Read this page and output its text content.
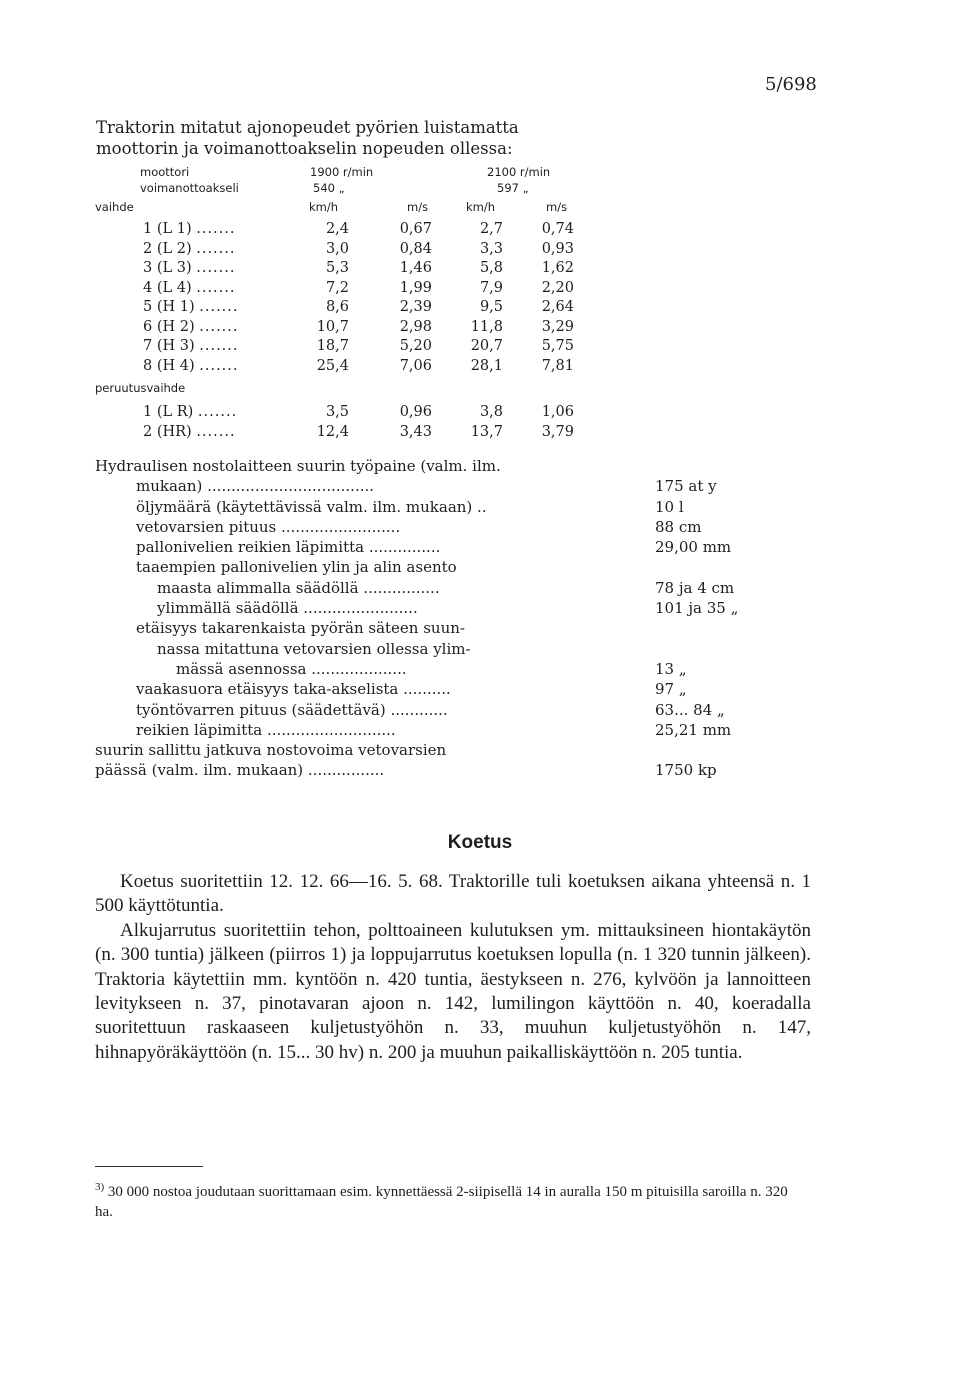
5/698
Traktorin mitatut ajonopeudet pyörien luistamatta
moottorin ja voimanottoakselin nopeuden ollessa:
moottori	1900 r/min	2100 r/min
voimanottoakseli	540 „	597 „
vaihde	km/h	m/s	km/h	m/s
1 (L 1) .......	2,4	0,67	2,7	0,74
2 (L 2) .......	3,0	0,84	3,3	0,93
3 (L 3) .......	5,3	1,46	5,8	1,62
4 (L 4) .......	7,2	1,99	7,9	2,20
5 (H 1) .......	8,6	2,39	9,5	2,64
6 (H 2) .......	10,7	2,98	11,8	3,29
7 (H 3) .......	18,7	5,20	20,7	5,75
8 (H 4) .......	25,4	7,06	28,1	7,81
peruutusvaihde
1 (L R) .......	3,5	0,96	3,8	1,06
2 (HR) .......	12,4	3,43	13,7	3,79
Hydraulisen nostolaitteen suurin työpaine (valm. ilm.
mukaan) ...................................	175 at y
öljymäärä (käytettävissä valm. ilm. mukaan) ..	10 l
vetovarsien pituus .........................	88 cm
pallonivelien reikien läpimitta ...............	29,00 mm
taaempien pallonivelien ylin ja alin asento
maasta alimmalla säädöllä ................	78 ja 4 cm
ylimmällä säädöllä ........................	101 ja 35 „
etäisyys takarenkaista pyörän säteen suun-
nassa mitattuna vetovarsien ollessa ylim-
mässä asennossa ....................	13 „
vaakasuora etäisyys taka-akselista ..........	97 „
työntövarren pituus (säädettävä) ............	63... 84 „
reikien läpimitta ...........................	25,21 mm
suurin sallittu jatkuva nostovoima vetovarsien
päässä (valm. ilm. mukaan) ................	1750 kp
Koetus

Koetus suoritettiin 12. 12. 66—16. 5. 68. Traktorille tuli koetuksen aikana yhteensä n. 1 500 käyttötuntia.

Alkujarrutus suoritettiin tehon, polttoaineen kulutuksen ym. mittauksineen hiontakäytön (n. 300 tuntia) jälkeen (piirros 1) ja loppujarrutus koetuksen lopulla (n. 1 320 tunnin jälkeen). Traktoria käytettiin mm. kyntöön n. 420 tuntia, äestykseen n. 276, kylvöön ja lannoitteen levitykseen n. 37, pinotavaran ajoon n. 142, lumilingon käyttöön n. 40, koeradalla suoritettuun raskaaseen kuljetustyöhön n. 33, muuhun kuljetustyöhön n. 147, hihnapyöräkäyttöön (n. 15... 30 hv) n. 200 ja muuhun paikalliskäyttöön n. 205 tuntia.

$^{3)}$ 30 000 nostoa joudutaan suorittamaan esim. kynnettäessä 2-siipisellä 14 in auralla 150 m pituisilla saroilla n. 320 ha.
